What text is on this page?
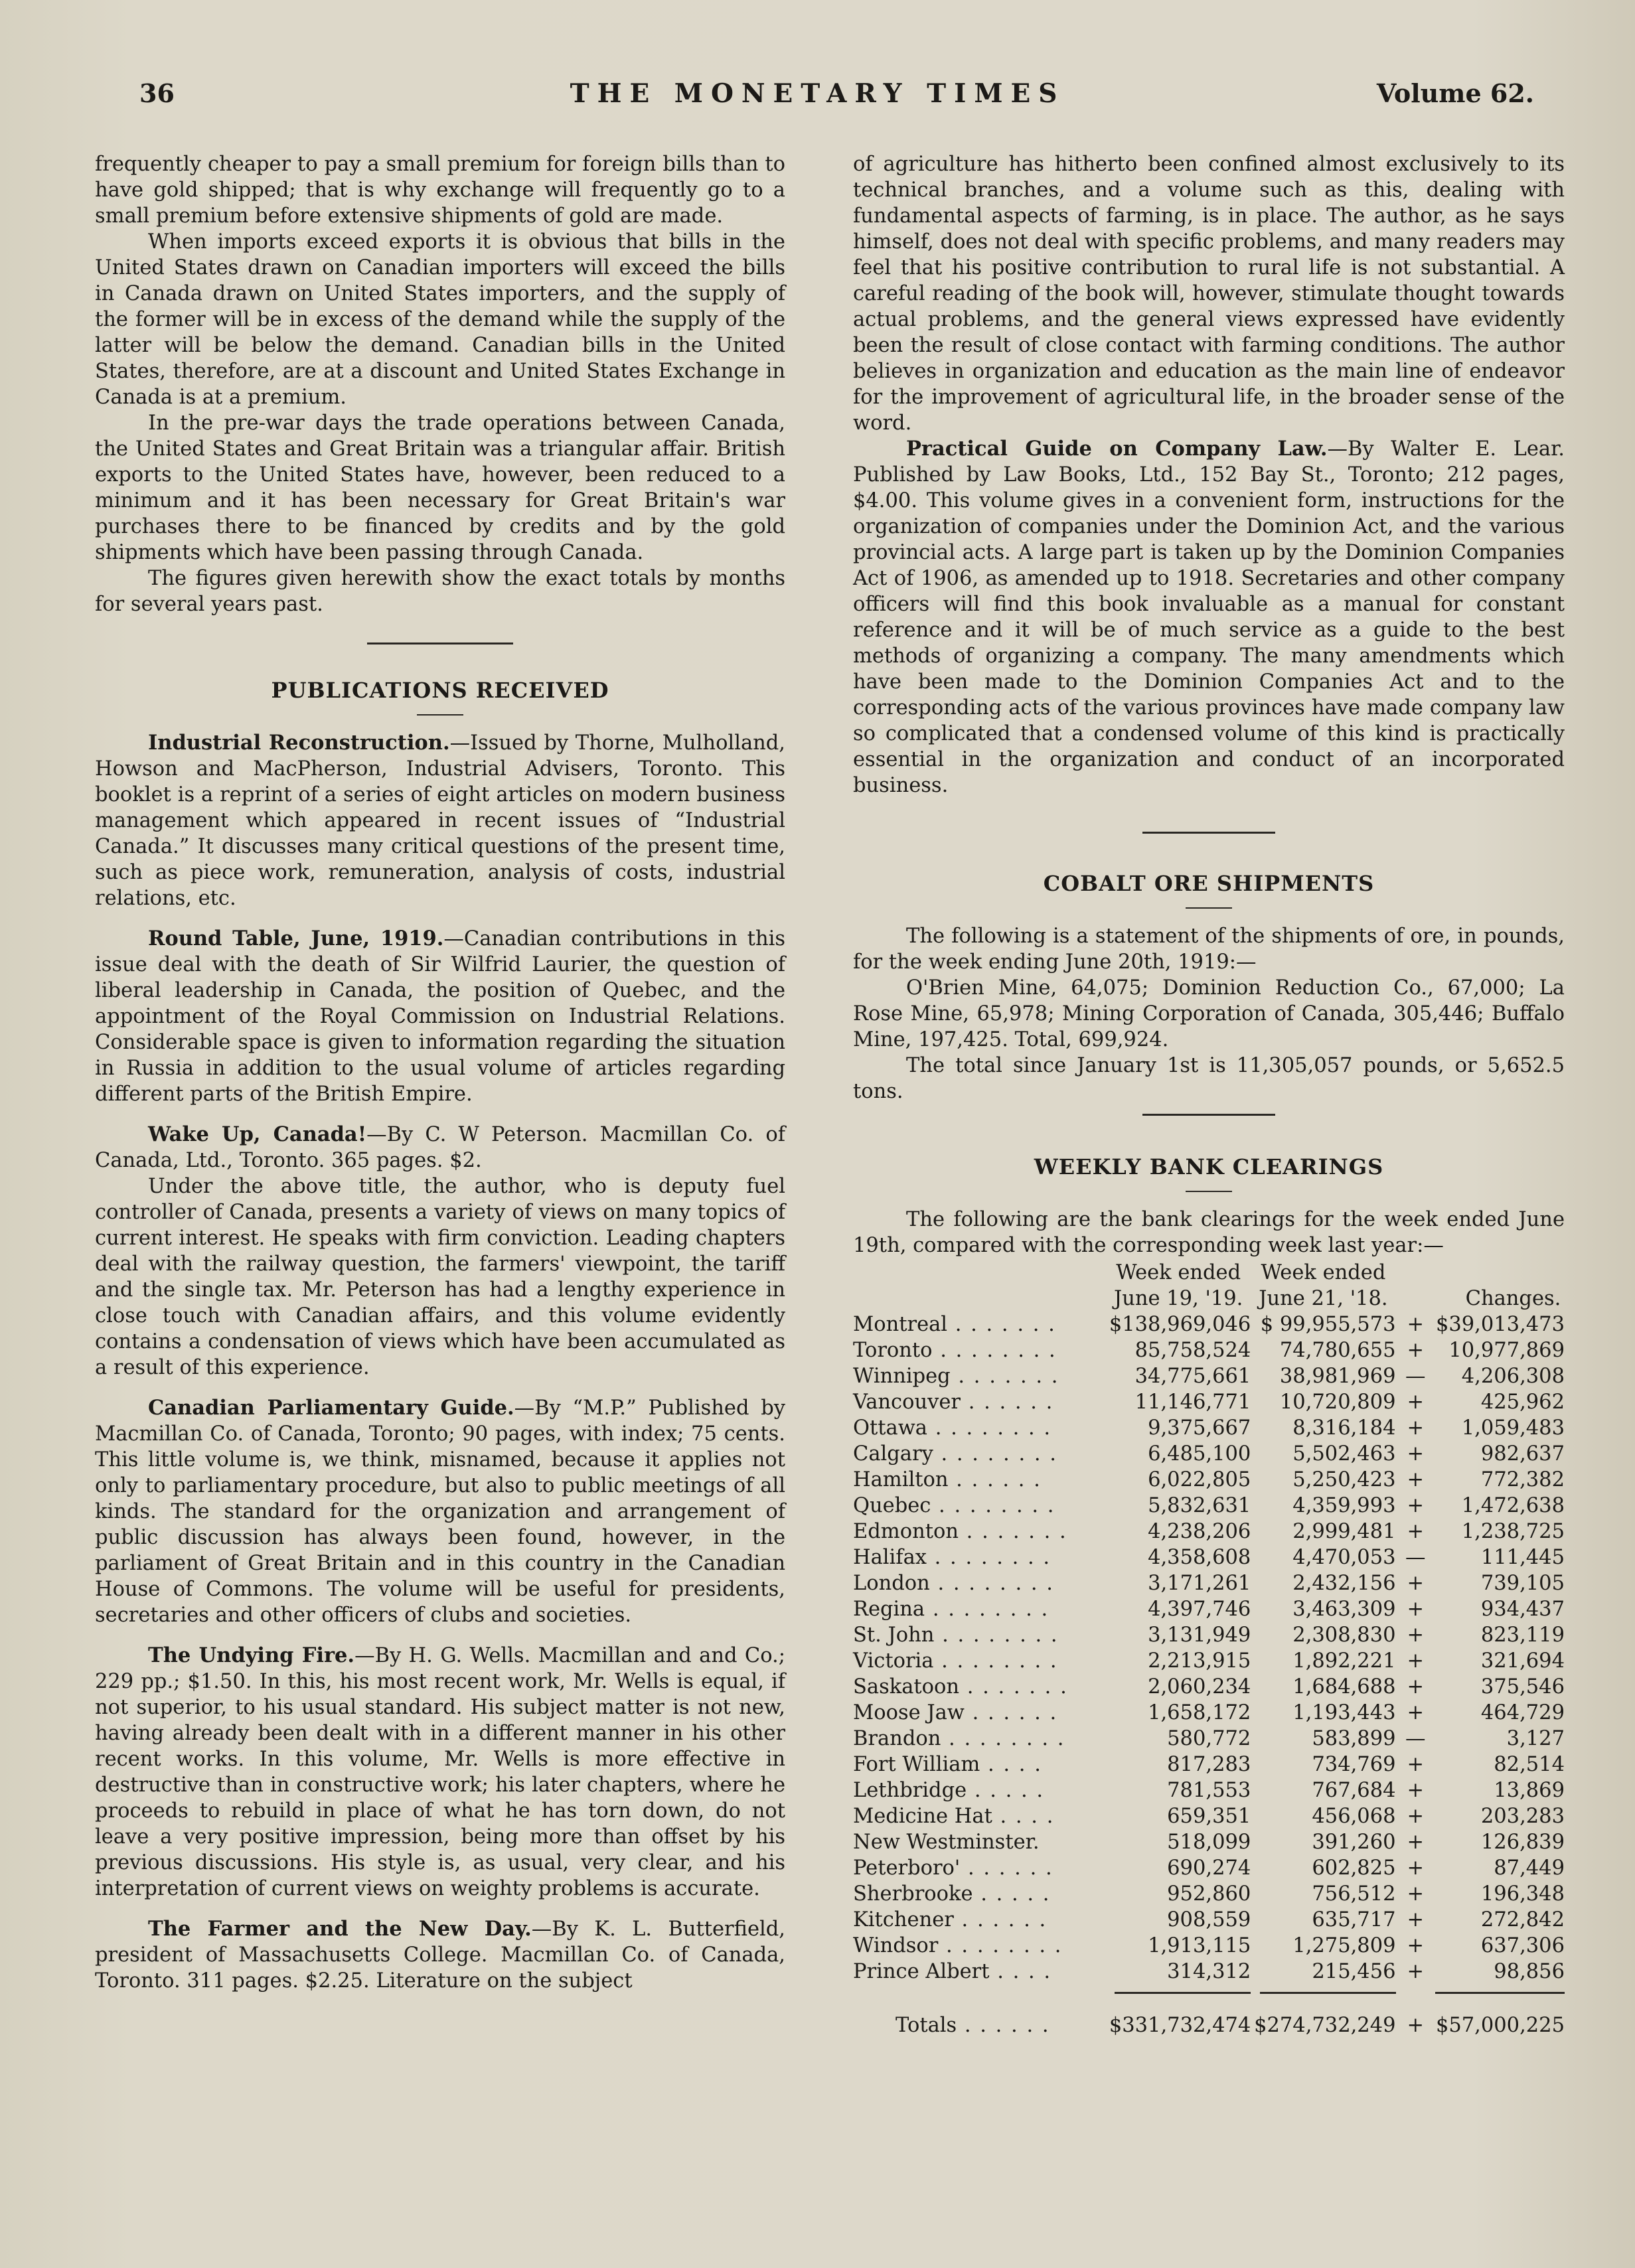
36	THE MONETARY TIMES	Volume 62.

frequently cheaper to pay a small premium for foreign bills than to have gold shipped; that is why exchange will frequently go to a small premium before extensive shipments of gold are made.

When imports exceed exports it is obvious that bills in the United States drawn on Canadian importers will exceed the bills in Canada drawn on United States importers, and the supply of the former will be in excess of the demand while the supply of the latter will be below the demand. Canadian bills in the United States, therefore, are at a discount and United States Exchange in Canada is at a premium.

In the pre-war days the trade operations between Canada, the United States and Great Britain was a triangular affair. British exports to the United States have, however, been reduced to a minimum and it has been necessary for Great Britain's war purchases there to be financed by credits and by the gold shipments which have been passing through Canada.

The figures given herewith show the exact totals by months for several years past.

PUBLICATIONS RECEIVED

Industrial Reconstruction.—Issued by Thorne, Mulholland, Howson and MacPherson, Industrial Advisers, Toronto. This booklet is a reprint of a series of eight articles on modern business management which appeared in recent issues of “Industrial Canada.” It discusses many critical questions of the present time, such as piece work, remuneration, analysis of costs, industrial relations, etc.

Round Table, June, 1919.—Canadian contributions in this issue deal with the death of Sir Wilfrid Laurier, the question of liberal leadership in Canada, the position of Quebec, and the appointment of the Royal Commission on Industrial Relations. Considerable space is given to information regarding the situation in Russia in addition to the usual volume of articles regarding different parts of the British Empire.

Wake Up, Canada!—By C. W Peterson. Macmillan Co. of Canada, Ltd., Toronto. 365 pages. $2.

Under the above title, the author, who is deputy fuel controller of Canada, presents a variety of views on many topics of current interest. He speaks with firm conviction. Leading chapters deal with the railway question, the farmers' viewpoint, the tariff and the single tax. Mr. Peterson has had a lengthy experience in close touch with Canadian affairs, and this volume evidently contains a condensation of views which have been accumulated as a result of this experience.

Canadian Parliamentary Guide.—By “M.P.” Published by Macmillan Co. of Canada, Toronto; 90 pages, with index; 75 cents. This little volume is, we think, misnamed, because it applies not only to parliamentary procedure, but also to public meetings of all kinds. The standard for the organization and arrangement of public discussion has always been found, however, in the parliament of Great Britain and in this country in the Canadian House of Commons. The volume will be useful for presidents, secretaries and other officers of clubs and societies.

The Undying Fire.—By H. G. Wells. Macmillan and and Co.; 229 pp.; $1.50. In this, his most recent work, Mr. Wells is equal, if not superior, to his usual standard. His subject matter is not new, having already been dealt with in a different manner in his other recent works. In this volume, Mr. Wells is more effective in destructive than in constructive work; his later chapters, where he proceeds to rebuild in place of what he has torn down, do not leave a very positive impression, being more than offset by his previous discussions. His style is, as usual, very clear, and his interpretation of current views on weighty problems is accurate.

The Farmer and the New Day.—By K. L. Butterfield, president of Massachusetts College. Macmillan Co. of Canada, Toronto. 311 pages. $2.25. Literature on the subject

of agriculture has hitherto been confined almost exclusively to its technical branches, and a volume such as this, dealing with fundamental aspects of farming, is in place. The author, as he says himself, does not deal with specific problems, and many readers may feel that his positive contribution to rural life is not substantial. A careful reading of the book will, however, stimulate thought towards actual problems, and the general views expressed have evidently been the result of close contact with farming conditions. The author believes in organization and education as the main line of endeavor for the improvement of agricultural life, in the broader sense of the word.

Practical Guide on Company Law.—By Walter E. Lear. Published by Law Books, Ltd., 152 Bay St., Toronto; 212 pages, $4.00. This volume gives in a convenient form, instructions for the organization of companies under the Dominion Act, and the various provincial acts. A large part is taken up by the Dominion Companies Act of 1906, as amended up to 1918. Secretaries and other company officers will find this book invaluable as a manual for constant reference and it will be of much service as a guide to the best methods of organizing a company. The many amendments which have been made to the Dominion Companies Act and to the corresponding acts of the various provinces have made company law so complicated that a condensed volume of this kind is practically essential in the organization and conduct of an incorporated business.

COBALT ORE SHIPMENTS

The following is a statement of the shipments of ore, in pounds, for the week ending June 20th, 1919:—

O'Brien Mine, 64,075; Dominion Reduction Co., 67,000; La Rose Mine, 65,978; Mining Corporation of Canada, 305,446; Buffalo Mine, 197,425. Total, 699,924.

The total since January 1st is 11,305,057 pounds, or 5,652.5 tons.

WEEKLY BANK CLEARINGS

The following are the bank clearings for the week ended June 19th, compared with the corresponding week last year:—

	Week ended	Week ended		
	June 19, '19.	June 21, '18.		Changes.
Montreal . . . . . . .	$138,969,046	$ 99,955,573	+	$39,013,473
Toronto . . . . . . . .	85,758,524	74,780,655	+	10,977,869
Winnipeg . . . . . . .	34,775,661	38,981,969	—	4,206,308
Vancouver . . . . . .	11,146,771	10,720,809	+	425,962
Ottawa . . . . . . . .	9,375,667	8,316,184	+	1,059,483
Calgary . . . . . . . .	6,485,100	5,502,463	+	982,637
Hamilton . . . . . .	6,022,805	5,250,423	+	772,382
Quebec . . . . . . . .	5,832,631	4,359,993	+	1,472,638
Edmonton . . . . . . .	4,238,206	2,999,481	+	1,238,725
Halifax . . . . . . . .	4,358,608	4,470,053	—	111,445
London . . . . . . . .	3,171,261	2,432,156	+	739,105
Regina . . . . . . . .	4,397,746	3,463,309	+	934,437
St. John . . . . . . . .	3,131,949	2,308,830	+	823,119
Victoria . . . . . . . .	2,213,915	1,892,221	+	321,694
Saskatoon . . . . . . .	2,060,234	1,684,688	+	375,546
Moose Jaw . . . . . .	1,658,172	1,193,443	+	464,729
Brandon . . . . . . . .	580,772	583,899	—	3,127
Fort William . . . .	817,283	734,769	+	82,514
Lethbridge . . . . .	781,553	767,684	+	13,869
Medicine Hat . . . .	659,351	456,068	+	203,283
New Westminster.	518,099	391,260	+	126,839
Peterboro' . . . . . .	690,274	602,825	+	87,449
Sherbrooke . . . . .	952,860	756,512	+	196,348
Kitchener . . . . . .	908,559	635,717	+	272,842
Windsor . . . . . . . .	1,913,115	1,275,809	+	637,306
Prince Albert . . . .	314,312	215,456	+	98,856

Totals . . . . . .	$331,732,474	$274,732,249	+	$57,000,225
